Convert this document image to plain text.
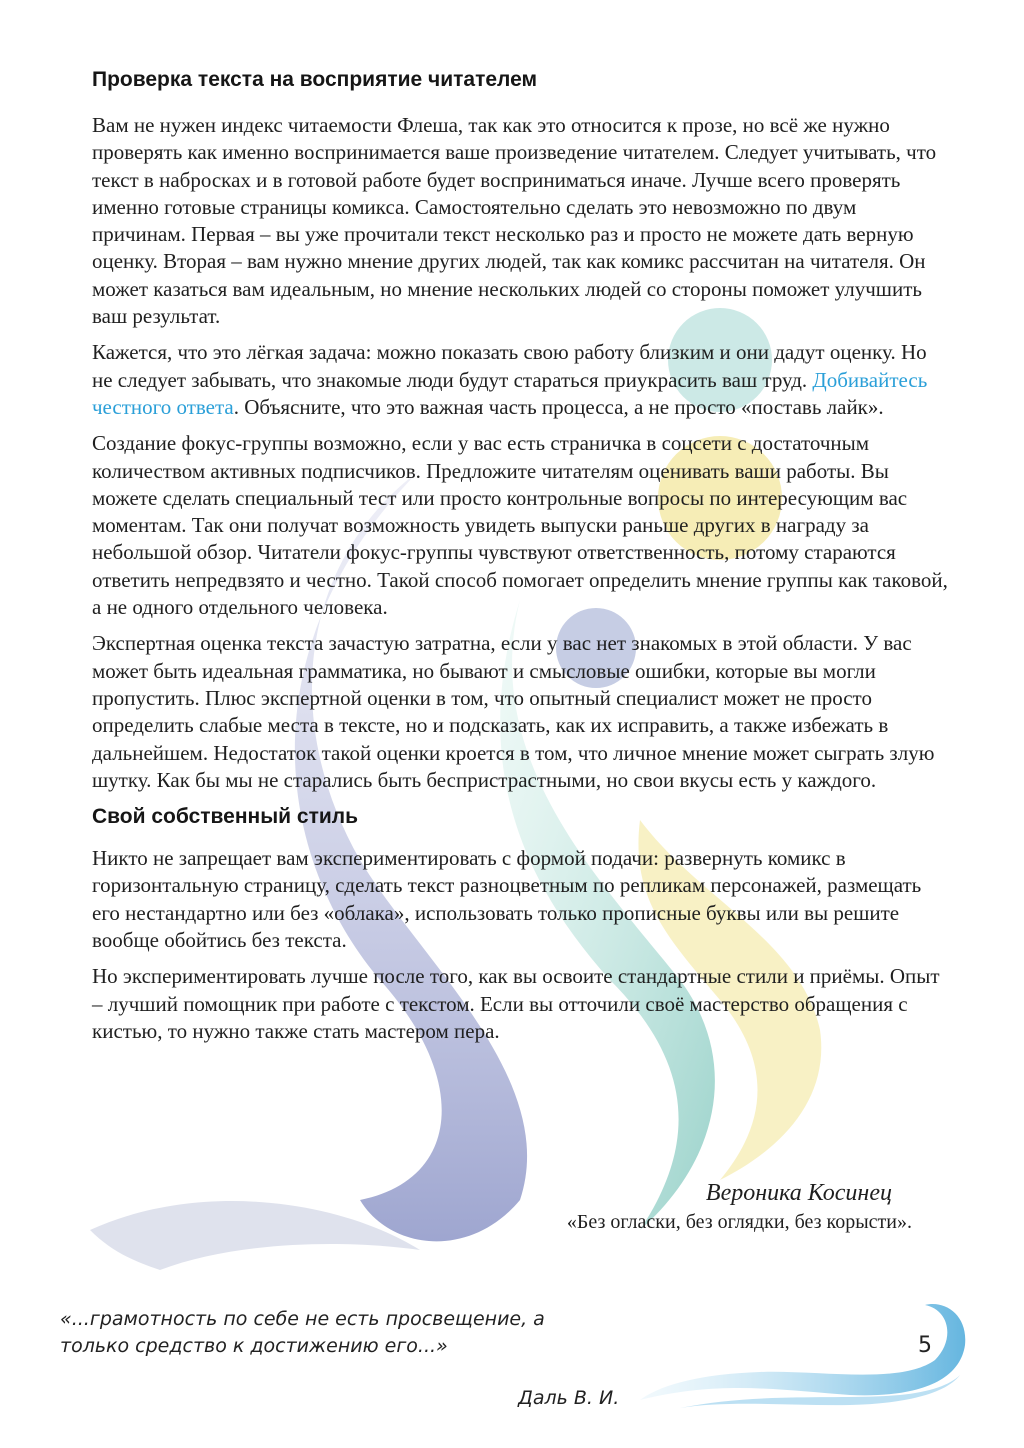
Проверка текста на восприятие читателем

Вам не нужен индекс читаемости Флеша, так как это относится к прозе, но всё же нужно проверять как именно воспринимается ваше произведение читателем. Следует учитывать, что текст в набросках и в готовой работе будет восприниматься иначе. Лучше всего проверять именно готовые страницы комикса. Самостоятельно сделать это невозможно по двум причинам. Первая – вы уже прочитали текст несколько раз и просто не можете дать верную оценку. Вторая – вам нужно мнение других людей, так как комикс рассчитан на читателя. Он может казаться вам идеальным, но мнение нескольких людей со стороны поможет улучшить ваш результат.

Кажется, что это лёгкая задача: можно показать свою работу близким и они дадут оценку. Но не следует забывать, что знакомые люди будут стараться приукрасить ваш труд. Добивайтесь честного ответа. Объясните, что это важная часть процесса, а не просто «поставь лайк».

Создание фокус-группы возможно, если у вас есть страничка в соцсети с достаточным количеством активных подписчиков. Предложите читателям оценивать ваши работы. Вы можете сделать специальный тест или просто контрольные вопросы по интересующим вас моментам. Так они получат возможность увидеть выпуски раньше других в награду за небольшой обзор. Читатели фокус-группы чувствуют ответственность, потому стараются ответить непредвзято и честно. Такой способ помогает определить мнение группы как таковой, а не одного отдельного человека.

Экспертная оценка текста зачастую затратна, если у вас нет знакомых в этой области. У вас может быть идеальная грамматика, но бывают и смысловые ошибки, которые вы могли пропустить. Плюс экспертной оценки в том, что опытный специалист может не просто определить слабые места в тексте, но и подсказать, как их исправить, а также избежать в дальнейшем. Недостаток такой оценки кроется в том, что личное мнение может сыграть злую шутку. Как бы мы не старались быть беспристрастными, но свои вкусы есть у каждого.

Свой собственный стиль

Никто не запрещает вам экспериментировать с формой подачи: развернуть комикс в горизонтальную страницу, сделать текст разноцветным по репликам персонажей, размещать его нестандартно или без «облака», использовать только прописные буквы или вы решите вообще обойтись без текста.

Но экспериментировать лучше после того, как вы освоите стандартные стили и приёмы. Опыт – лучший помощник при работе с текстом. Если вы отточили своё мастерство обращения с кистью, то нужно также стать мастером пера.

Вероника Косинец
«Без огласки, без оглядки, без корысти».
«...грамотность по себе не есть просвещение, а
только средство к достижению его...»
Даль В. И.
5
